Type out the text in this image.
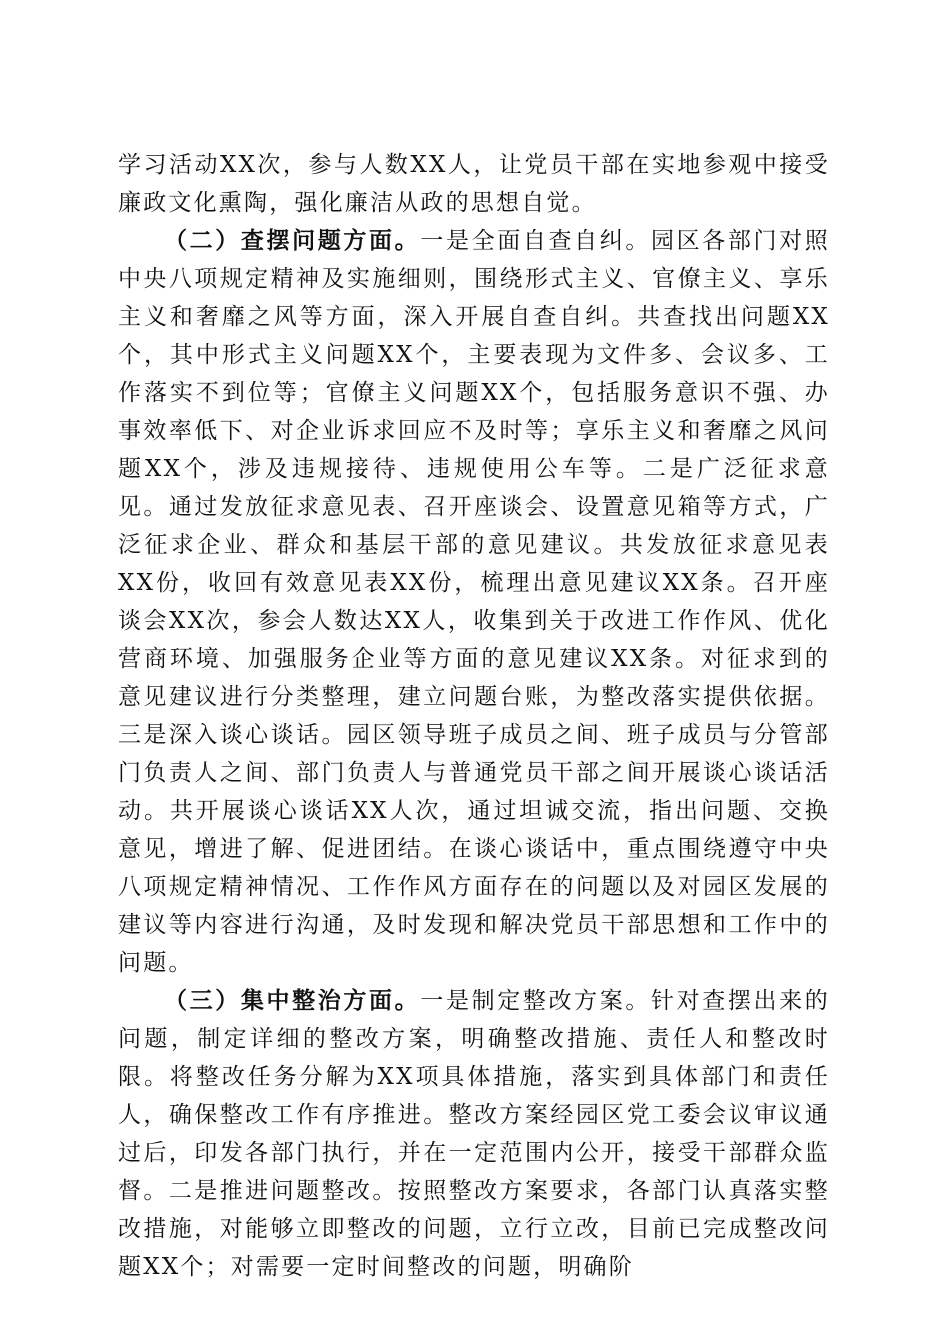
学习活动XX次，参与人数XX人，让党员干部在实地参观中接受廉政文化熏陶，强化廉洁从政的思想自觉。

（二）查摆问题方面。一是全面自查自纠。园区各部门对照中央八项规定精神及实施细则，围绕形式主义、官僚主义、享乐主义和奢靡之风等方面，深入开展自查自纠。共查找出问题XX个，其中形式主义问题XX个，主要表现为文件多、会议多、工作落实不到位等；官僚主义问题XX个，包括服务意识不强、办事效率低下、对企业诉求回应不及时等；享乐主义和奢靡之风问题XX个，涉及违规接待、违规使用公车等。二是广泛征求意见。通过发放征求意见表、召开座谈会、设置意见箱等方式，广泛征求企业、群众和基层干部的意见建议。共发放征求意见表XX份，收回有效意见表XX份，梳理出意见建议XX条。召开座谈会XX次，参会人数达XX人，收集到关于改进工作作风、优化营商环境、加强服务企业等方面的意见建议XX条。对征求到的意见建议进行分类整理，建立问题台账，为整改落实提供依据。三是深入谈心谈话。园区领导班子成员之间、班子成员与分管部门负责人之间、部门负责人与普通党员干部之间开展谈心谈话活动。共开展谈心谈话XX人次，通过坦诚交流，指出问题、交换意见，增进了解、促进团结。在谈心谈话中，重点围绕遵守中央八项规定精神情况、工作作风方面存在的问题以及对园区发展的建议等内容进行沟通，及时发现和解决党员干部思想和工作中的问题。

（三）集中整治方面。一是制定整改方案。针对查摆出来的问题，制定详细的整改方案，明确整改措施、责任人和整改时限。将整改任务分解为XX项具体措施，落实到具体部门和责任人，确保整改工作有序推进。整改方案经园区党工委会议审议通过后，印发各部门执行，并在一定范围内公开，接受干部群众监督。二是推进问题整改。按照整改方案要求，各部门认真落实整改措施，对能够立即整改的问题，立行立改，目前已完成整改问题XX个；对需要一定时间整改的问题，明确阶
